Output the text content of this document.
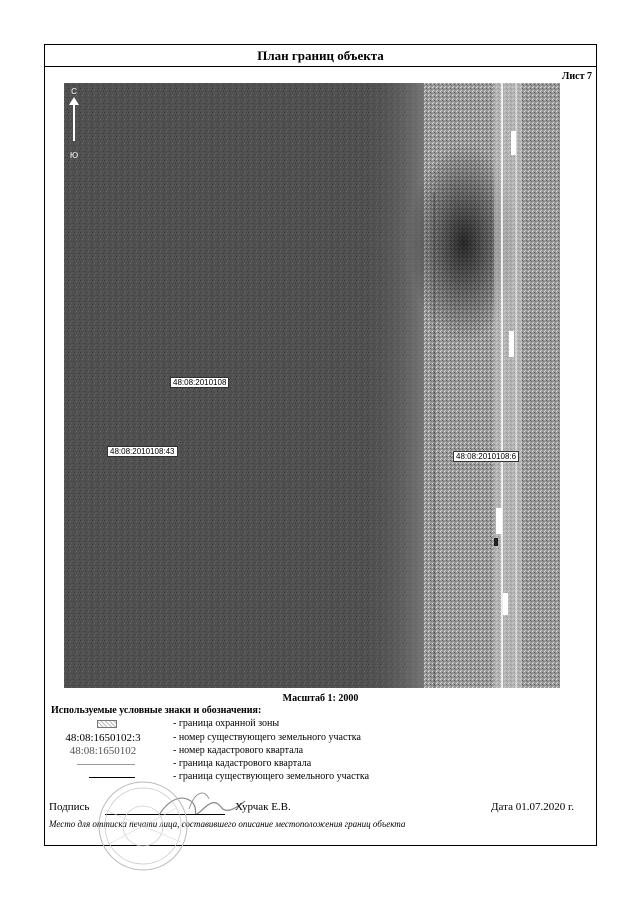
План границ объекта
Лист 7
С
Ю
48:08:2010108
48:08:2010108:43
48:08:2010108:6
Масштаб 1: 2000
Используемые условные знаки и обозначения:
- граница охранной зоны
48:08:1650102:3	- номер существующего земельного участка
48:08:1650102	- номер кадастрового квартала
- граница кадастрового квартала
- граница существующего земельного участка
Подпись	Хурчак Е.В.	Дата 01.07.2020 г.
Место для оттиска печати лица, составившего описание местоположения границ объекта
